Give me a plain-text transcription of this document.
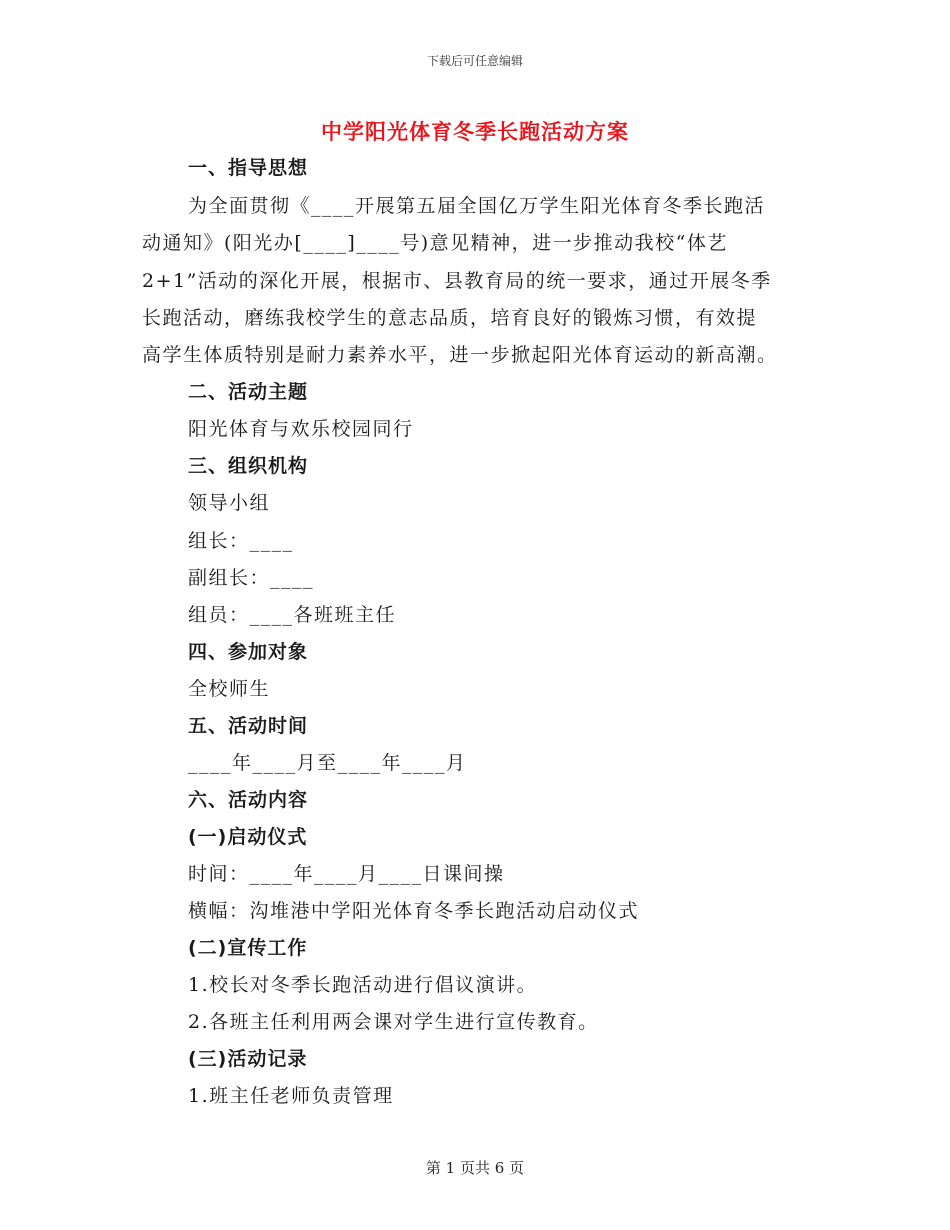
下载后可任意编辑
中学阳光体育冬季长跑活动方案
一、指导思想
为全面贯彻《____开展第五届全国亿万学生阳光体育冬季长跑活
动通知》(阳光办[____]____号)意见精神，进一步推动我校“体艺
2+1”活动的深化开展，根据市、县教育局的统一要求，通过开展冬季
长跑活动，磨练我校学生的意志品质，培育良好的锻炼习惯，有效提
高学生体质特别是耐力素养水平，进一步掀起阳光体育运动的新高潮。
二、活动主题
阳光体育与欢乐校园同行
三、组织机构
领导小组
组长：____
副组长：____
组员：____各班班主任
四、参加对象
全校师生
五、活动时间
____年____月至____年____月
六、活动内容
(一)启动仪式
时间：____年____月____日课间操
横幅：沟堆港中学阳光体育冬季长跑活动启动仪式
(二)宣传工作
1.校长对冬季长跑活动进行倡议演讲。
2.各班主任利用两会课对学生进行宣传教育。
(三)活动记录
1.班主任老师负责管理
第 1 页共 6 页
